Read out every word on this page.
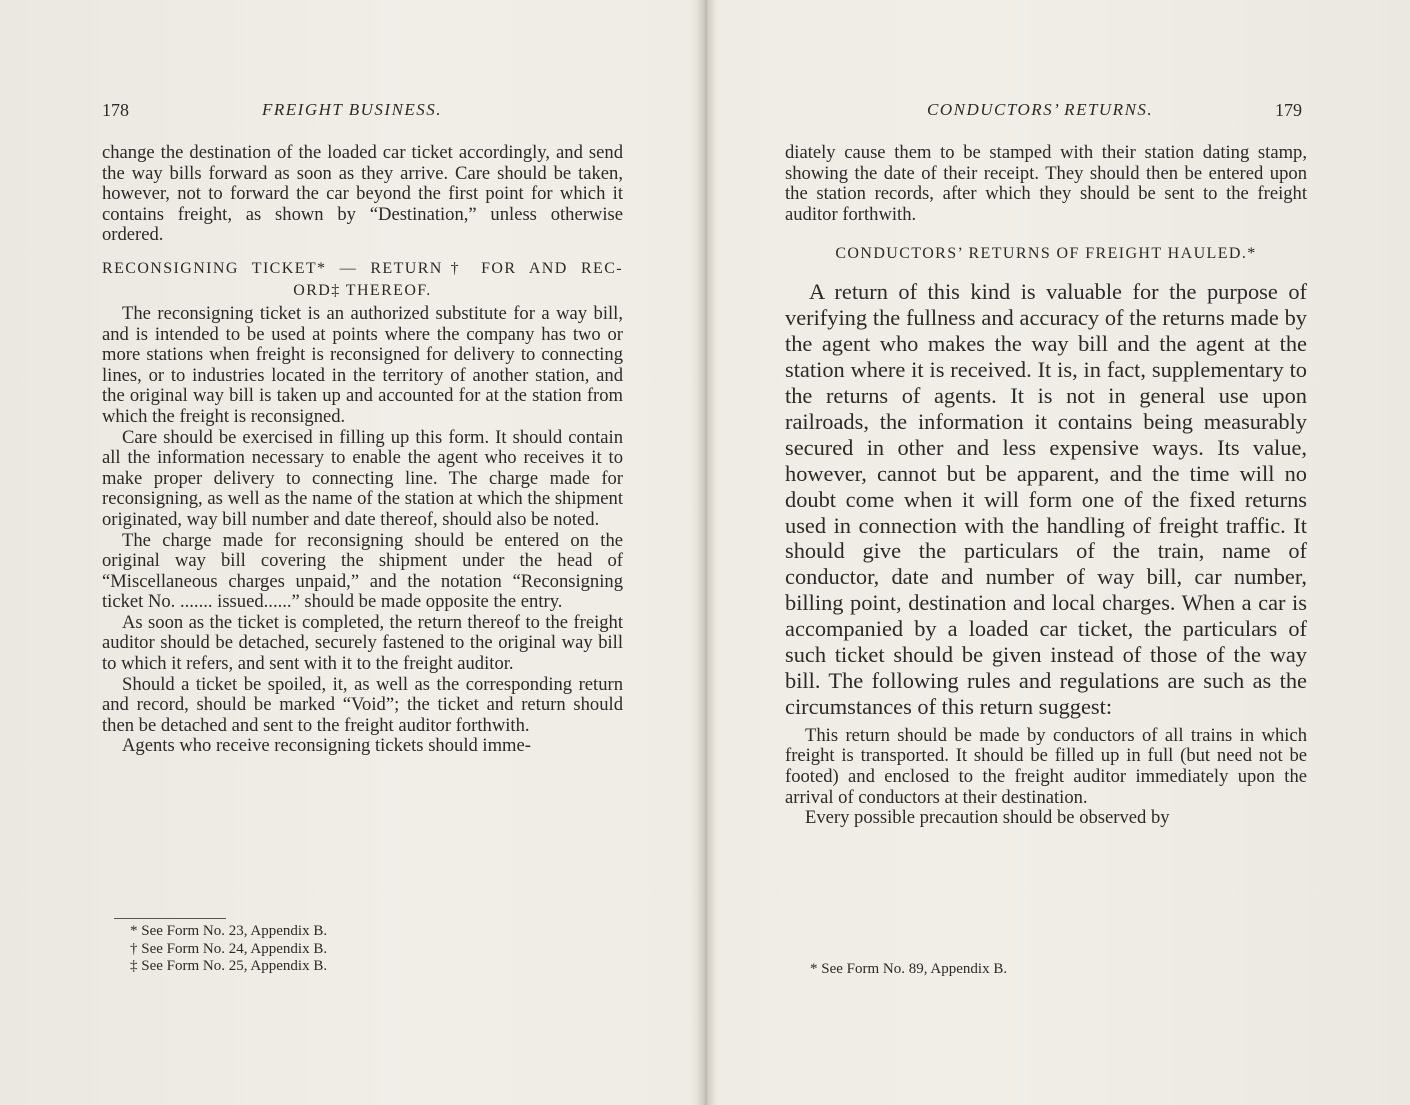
178	FREIGHT BUSINESS.

change the destination of the loaded car ticket accordingly, and send the way bills forward as soon as they arrive. Care should be taken, however, not to forward the car beyond the first point for which it contains freight, as shown by “Destination,” unless otherwise ordered.

RECONSIGNING TICKET* — RETURN† FOR AND REC-
ORD‡ THEREOF.

The reconsigning ticket is an authorized substitute for a way bill, and is intended to be used at points where the company has two or more stations when freight is reconsigned for delivery to connecting lines, or to industries located in the territory of another station, and the original way bill is taken up and accounted for at the station from which the freight is reconsigned.

Care should be exercised in filling up this form. It should contain all the information necessary to enable the agent who receives it to make proper delivery to connecting line. The charge made for reconsigning, as well as the name of the station at which the shipment originated, way bill number and date thereof, should also be noted.

The charge made for reconsigning should be entered on the original way bill covering the shipment under the head of “Miscellaneous charges unpaid,” and the notation “Reconsigning ticket No. ....... issued......” should be made opposite the entry.

As soon as the ticket is completed, the return thereof to the freight auditor should be detached, securely fastened to the original way bill to which it refers, and sent with it to the freight auditor.

Should a ticket be spoiled, it, as well as the corresponding return and record, should be marked “Void”; the ticket and return should then be detached and sent to the freight auditor forthwith.

Agents who receive reconsigning tickets should imme-

* See Form No. 23, Appendix B.
† See Form No. 24, Appendix B.
‡ See Form No. 25, Appendix B.
CONDUCTORS’ RETURNS.	179

diately cause them to be stamped with their station dating stamp, showing the date of their receipt. They should then be entered upon the station records, after which they should be sent to the freight auditor forthwith.

CONDUCTORS’ RETURNS OF FREIGHT HAULED.*

A return of this kind is valuable for the purpose of verifying the fullness and accuracy of the returns made by the agent who makes the way bill and the agent at the station where it is received. It is, in fact, supplementary to the returns of agents. It is not in general use upon railroads, the information it contains being measurably secured in other and less expensive ways. Its value, however, cannot but be apparent, and the time will no doubt come when it will form one of the fixed returns used in connection with the handling of freight traffic. It should give the particulars of the train, name of conductor, date and number of way bill, car number, billing point, destination and local charges. When a car is accompanied by a loaded car ticket, the particulars of such ticket should be given instead of those of the way bill. The following rules and regulations are such as the circumstances of this return suggest:

This return should be made by conductors of all trains in which freight is transported. It should be filled up in full (but need not be footed) and enclosed to the freight auditor immediately upon the arrival of conductors at their destination.

Every possible precaution should be observed by

* See Form No. 89, Appendix B.
